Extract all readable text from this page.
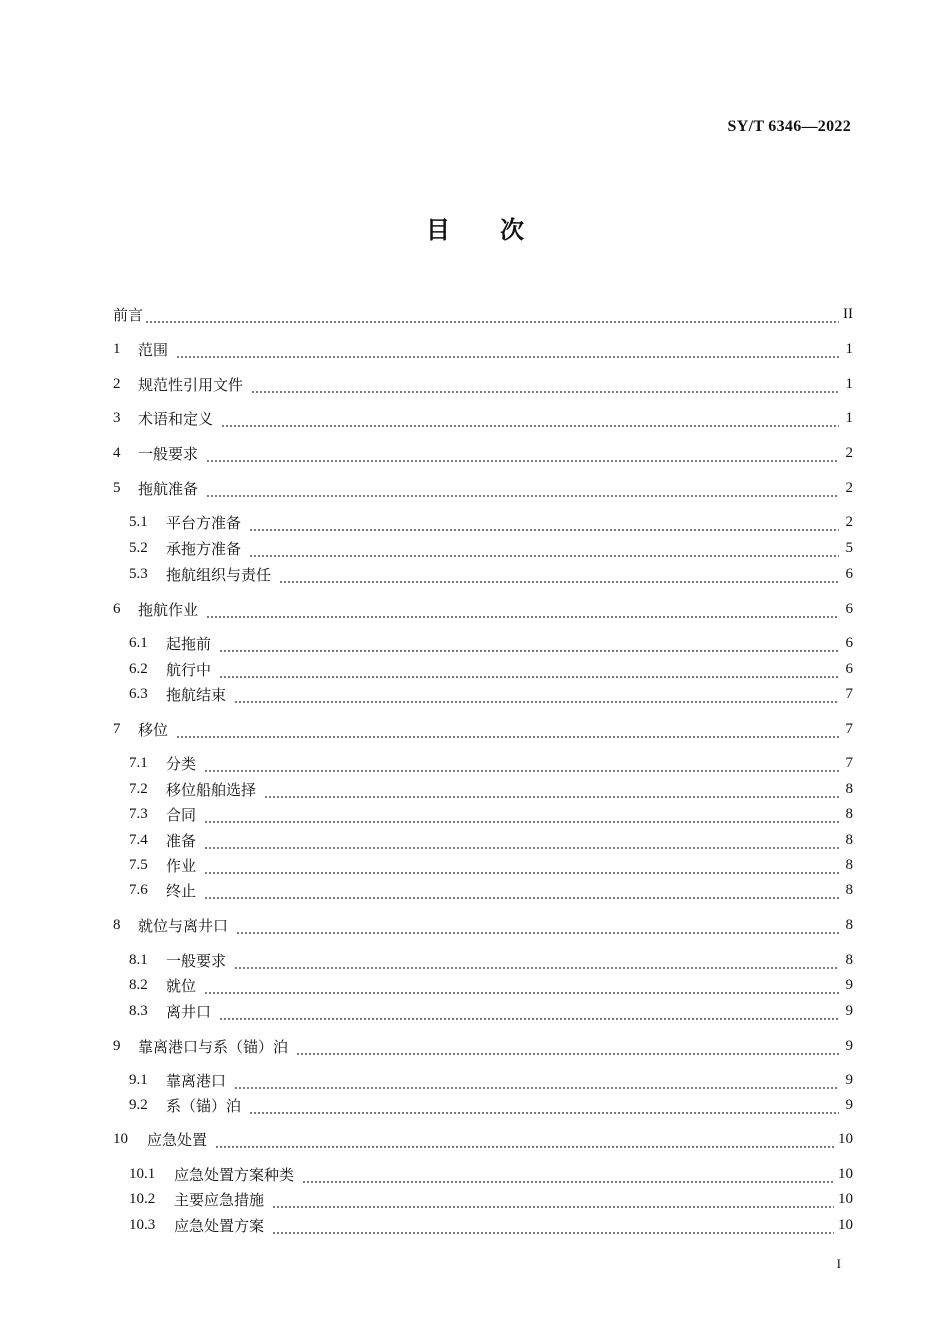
SY/T 6346—2022
目次
前言	II
1	范围	1
2	规范性引用文件	1
3	术语和定义	1
4	一般要求	2
5	拖航准备	2
5.1	平台方准备	2
5.2	承拖方准备	5
5.3	拖航组织与责任	6
6	拖航作业	6
6.1	起拖前	6
6.2	航行中	6
6.3	拖航结束	7
7	移位	7
7.1	分类	7
7.2	移位船舶选择	8
7.3	合同	8
7.4	准备	8
7.5	作业	8
7.6	终止	8
8	就位与离井口	8
8.1	一般要求	8
8.2	就位	9
8.3	离井口	9
9	靠离港口与系（锚）泊	9
9.1	靠离港口	9
9.2	系（锚）泊	9
10	应急处置	10
10.1	应急处置方案种类	10
10.2	主要应急措施	10
10.3	应急处置方案	10
I
